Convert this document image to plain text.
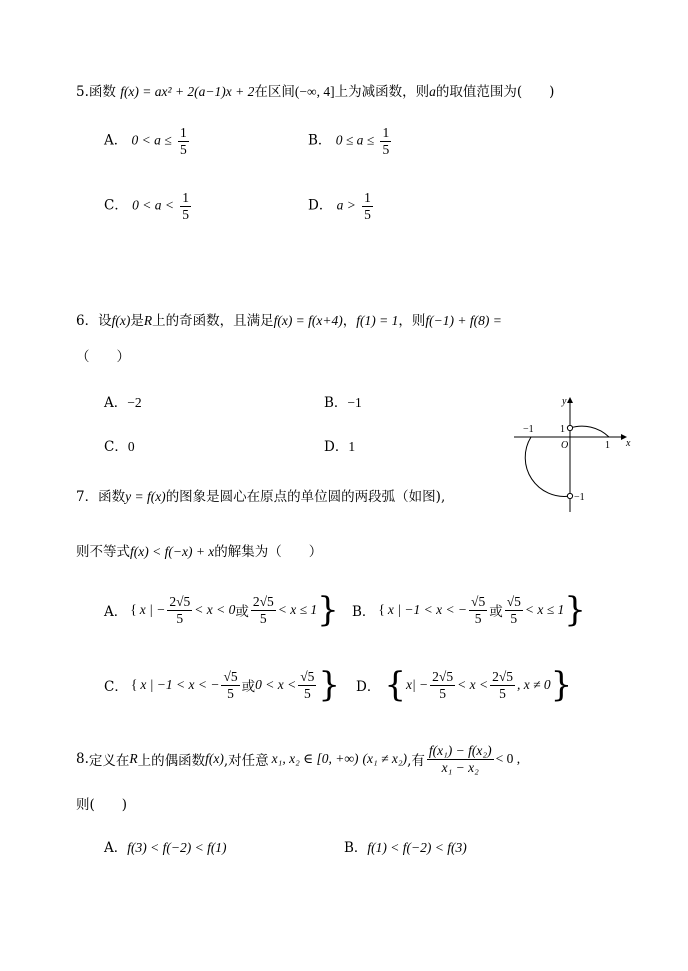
5.函数 f(x) = ax² + 2(a−1)x + 2在区间(−∞, 4]上为减函数，则a的取值范围为(　　)
A． $0 < a \le \frac{1}{5}$	B． $0 \le a \le \frac{1}{5}$
C． $0 < a < \frac{1}{5}$	D． $a > \frac{1}{5}$
6．设f(x)是R上的奇函数，且满足f(x) = f(x+4)，f(1) = 1，则f(−1) + f(8) =
（　　）
A．−2	B．−1
C．0	D．1
y
x
O
1
1
−1
−1
7．函数y = f(x)的图象是圆心在原点的单位圆的两段弧（如图),
则不等式f(x) < f(−x) + x的解集为（　　）
A． { x | − $\frac{2√5}{5} < x < 0$ 或 $\frac{2√5}{5} < x \le 1$ } B． { x | −1 < x < − $\frac{√5}{5}$ 或 $\frac{√5}{5} < x \le 1$ }
C． { x | −1 < x < − $\frac{√5}{5}$ 或 $0 < x < \frac{√5}{5}$ } D． { $x| - \frac{2√5}{5} < x < \frac{2√5}{5}$ , x ≠ 0 }
8. 定义在 R 上的偶函数 f(x) ,对任意 x₁, x₂ ∈ [0, +∞) (x₁ ≠ x₂) ,有 $\frac{\text{f(x₁) − f(x₂)}}{\text{x₁ − x₂}} < 0$ ,
则(　　)
A．f(3) < f(−2) < f(1)	B．f(1) < f(−2) < f(3)
